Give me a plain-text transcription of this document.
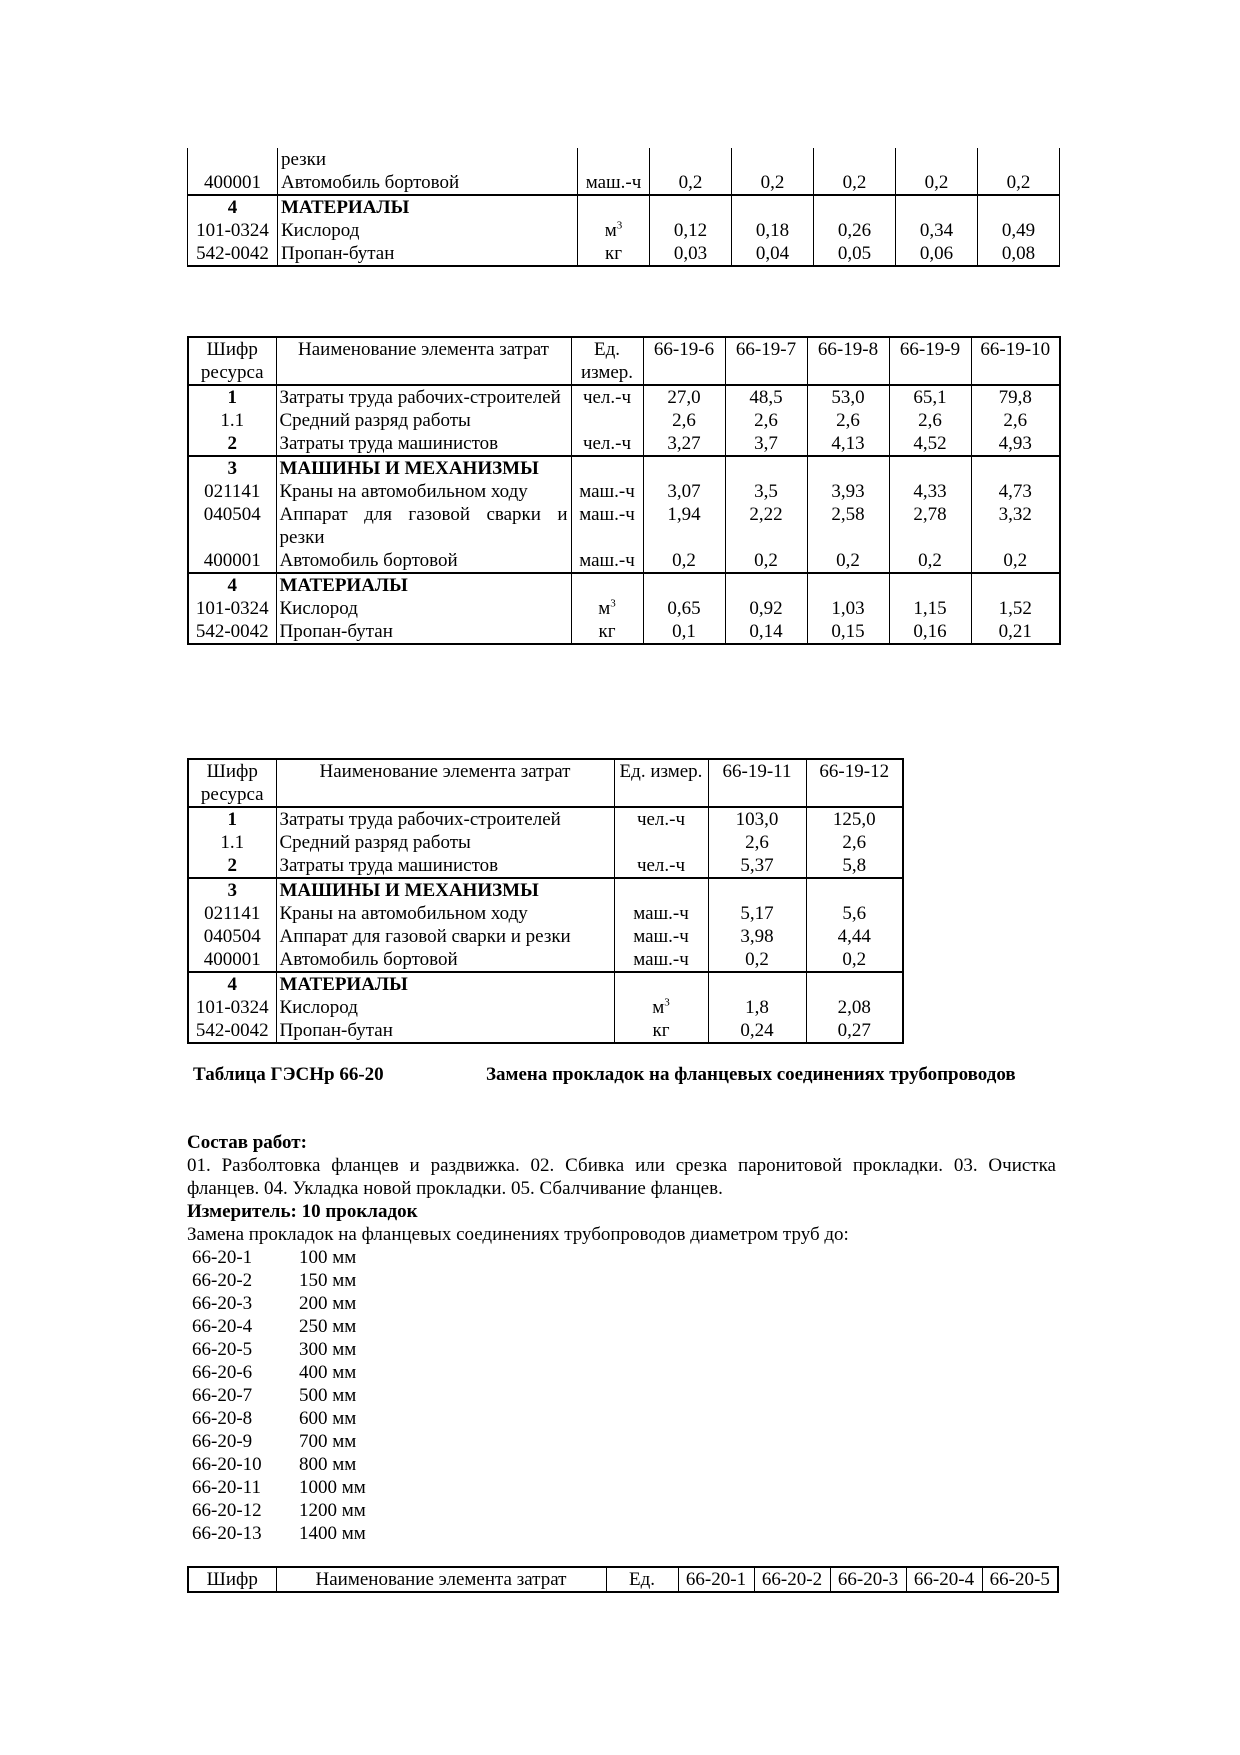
	резки						
400001	Автомобиль бортовой	маш.-ч	0,2	0,2	0,2	0,2	0,2
4	МАТЕРИАЛЫ						
101-0324	Кислород	$м^3$	0,12	0,18	0,26	0,34	0,49
542-0042	Пропан-бутан	кг	0,03	0,04	0,05	0,06	0,08
Шифр ресурса	Наименование элемента затрат	Ед. измер.	66-19-6	66-19-7	66-19-8	66-19-9	66-19-10
1	Затраты труда рабочих-строителей	чел.-ч	27,0	48,5	53,0	65,1	79,8
1.1	Средний разряд работы		2,6	2,6	2,6	2,6	2,6
2	Затраты труда машинистов	чел.-ч	3,27	3,7	4,13	4,52	4,93
3	МАШИНЫ И МЕХАНИЗМЫ						
021141	Краны на автомобильном ходу	маш.-ч	3,07	3,5	3,93	4,33	4,73
040504	Аппарат для газовой сварки и резки	маш.-ч	1,94	2,22	2,58	2,78	3,32
400001	Автомобиль бортовой	маш.-ч	0,2	0,2	0,2	0,2	0,2
4	МАТЕРИАЛЫ						
101-0324	Кислород	$м^3$	0,65	0,92	1,03	1,15	1,52
542-0042	Пропан-бутан	кг	0,1	0,14	0,15	0,16	0,21
Шифр ресурса	Наименование элемента затрат	Ед. измер.	66-19-11	66-19-12
1	Затраты труда рабочих-строителей	чел.-ч	103,0	125,0
1.1	Средний разряд работы		2,6	2,6
2	Затраты труда машинистов	чел.-ч	5,37	5,8
3	МАШИНЫ И МЕХАНИЗМЫ			
021141	Краны на автомобильном ходу	маш.-ч	5,17	5,6
040504	Аппарат для газовой сварки и резки	маш.-ч	3,98	4,44
400001	Автомобиль бортовой	маш.-ч	0,2	0,2
4	МАТЕРИАЛЫ			
101-0324	Кислород	$м^3$	1,8	2,08
542-0042	Пропан-бутан	кг	0,24	0,27
Таблица ГЭСНр 66-20	Замена прокладок на фланцевых соединениях трубопроводов
Состав работ:
01. Разболтовка фланцев и раздвижка. 02. Сбивка или срезка паронитовой прокладки. 03. Очистка фланцев. 04. Укладка новой прокладки. 05. Сбалчивание фланцев.
Измеритель: 10 прокладок
Замена прокладок на фланцевых соединениях трубопроводов диаметром труб до:
66-20-1 100 мм
66-20-2 150 мм
66-20-3 200 мм
66-20-4 250 мм
66-20-5 300 мм
66-20-6 400 мм
66-20-7 500 мм
66-20-8 600 мм
66-20-9 700 мм
66-20-10 800 мм
66-20-11 1000 мм
66-20-12 1200 мм
66-20-13 1400 мм
Шифр	Наименование элемента затрат	Ед.	66-20-1	66-20-2	66-20-3	66-20-4	66-20-5
